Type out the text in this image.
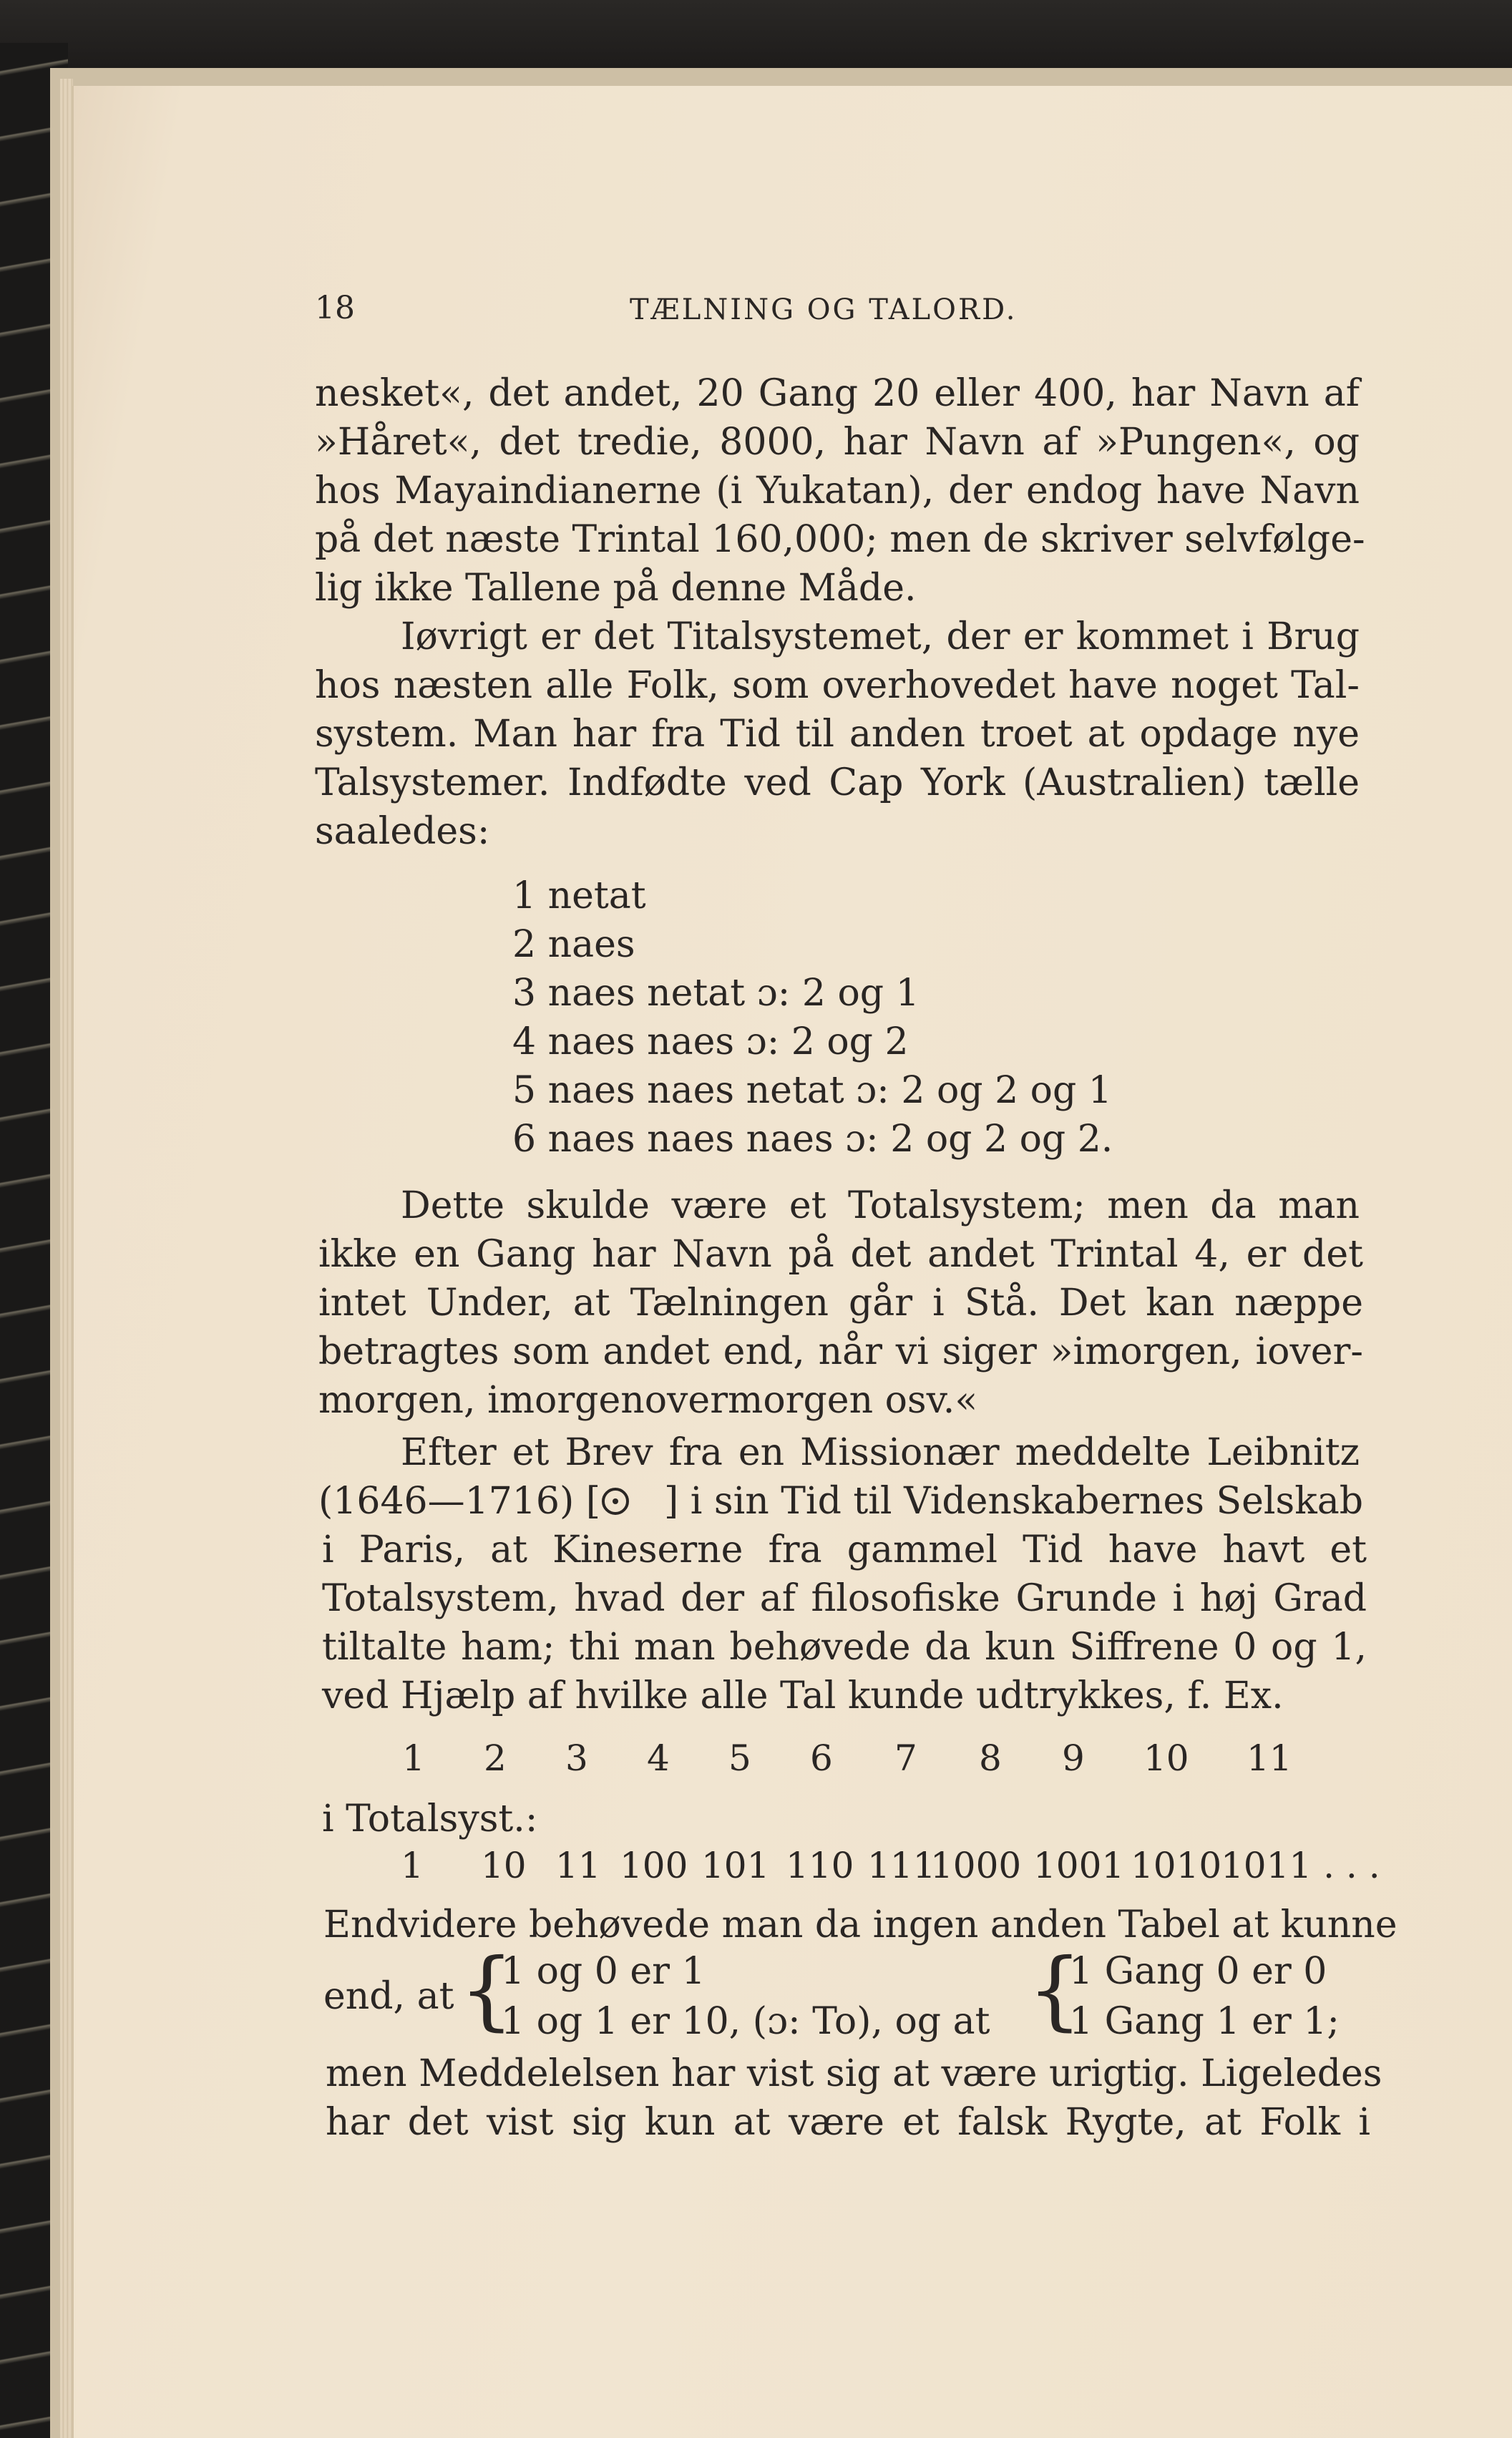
18	TÆLNING OG TALORD.
nesket«, det andet, 20 Gang 20 eller 400, har Navn af
»Håret«, det tredie, 8000, har Navn af »Pungen«, og
hos Mayaindianerne (i Yukatan), der endog have Navn
på det næste Trintal 160,000; men de skriver selvfølge-
lig ikke Tallene på denne Måde.
Iøvrigt er det Titalsystemet, der er kommet i Brug
hos næsten alle Folk, som overhovedet have noget Tal-
system. Man har fra Tid til anden troet at opdage nye
Talsystemer. Indfødte ved Cap York (Australien) tælle
saaledes:
1 netat
2 naes
3 naes netat ɔ: 2 og 1
4 naes naes ɔ: 2 og 2
5 naes naes netat ɔ: 2 og 2 og 1
6 naes naes naes ɔ: 2 og 2 og 2.
Dette skulde være et Totalsystem; men da man
ikke en Gang har Navn på det andet Trintal 4, er det
intet Under, at Tælningen går i Stå. Det kan næppe
betragtes som andet end, når vi siger »imorgen, iover-
morgen, imorgenovermorgen osv.«
Efter et Brev fra en Missionær meddelte Leibnitz
(1646—1716) [	] i sin Tid til Videnskabernes Selskab
i Paris, at Kineserne fra gammel Tid have havt et
Totalsystem, hvad der af filosofiske Grunde i høj Grad
tiltalte ham; thi man behøvede da kun Siffrene 0 og 1,
ved Hjælp af hvilke alle Tal kunde udtrykkes, f. Ex.
1 2 3 4 5 6 7 8 9 10 11
i Totalsyst.:
1 10 11 100 101 110 111
1000 1001 1010
1011 . . .
Endvidere behøvede man da ingen anden Tabel at kunne
end, at {
1 og 0 er 1
1 og 1 er 10, (ɔ: To), og at {
1 Gang 0 er 0
1 Gang 1 er 1;
men Meddelelsen har vist sig at være urigtig. Ligeledes
har det vist sig kun at være et falsk Rygte, at Folk i
